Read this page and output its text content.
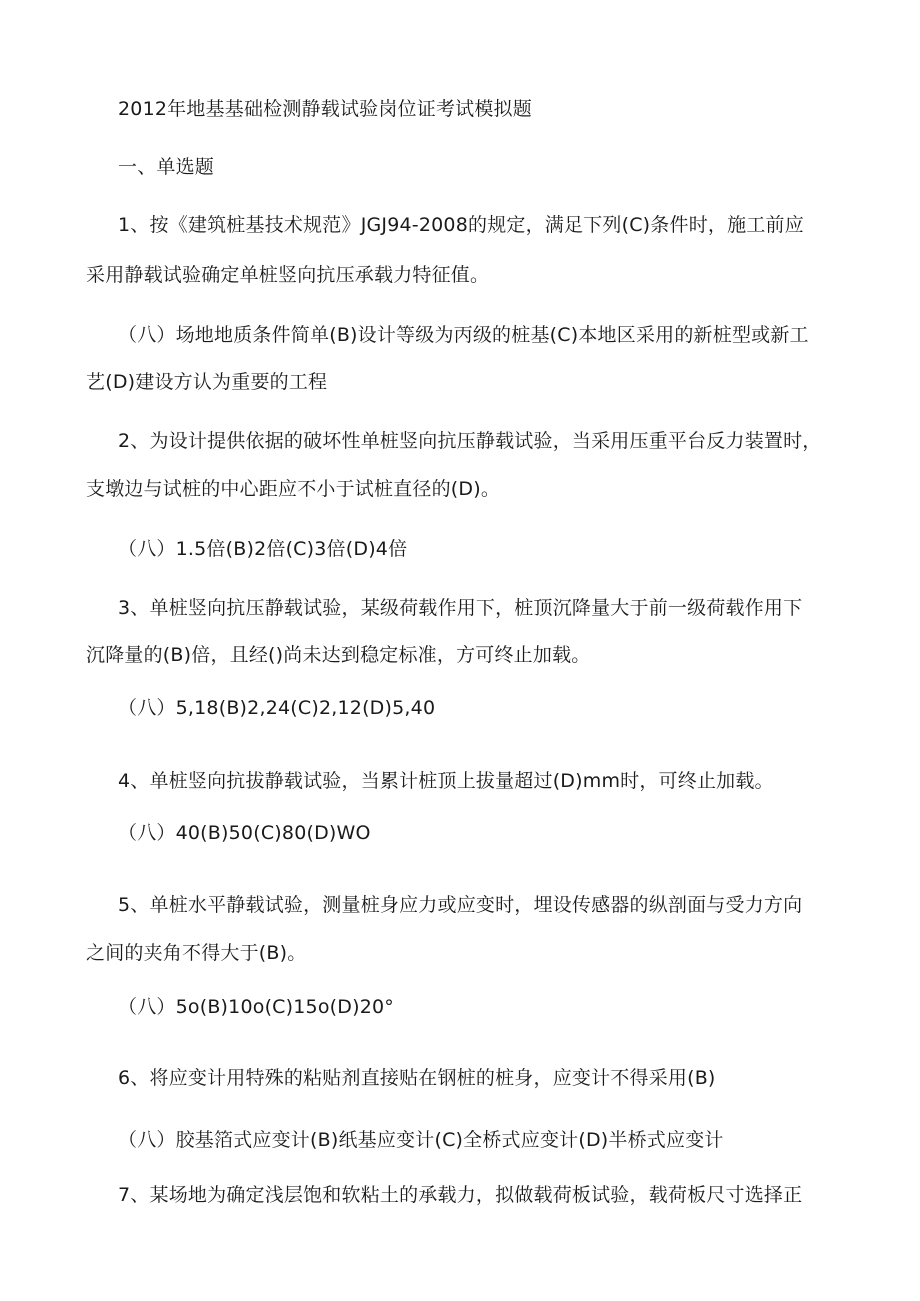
2012年地基基础检测静载试验岗位证考试模拟题
一、单选题
1、按《建筑桩基技术规范》JGJ94-2008的规定，满足下列(C)条件时，施工前应
采用静载试验确定单桩竖向抗压承载力特征值。
（八）场地地质条件简单(B)设计等级为丙级的桩基(C)本地区采用的新桩型或新工
艺(D)建设方认为重要的工程
2、为设计提供依据的破坏性单桩竖向抗压静载试验，当采用压重平台反力装置时，
支墩边与试桩的中心距应不小于试桩直径的(D)。
（八）1.5倍(B)2倍(C)3倍(D)4倍
3、单桩竖向抗压静载试验，某级荷载作用下，桩顶沉降量大于前一级荷载作用下
沉降量的(B)倍，且经()尚未达到稳定标准，方可终止加载。
（八）5,18(B)2,24(C)2,12(D)5,40
4、单桩竖向抗拔静载试验，当累计桩顶上拔量超过(D)mm时，可终止加载。
（八）40(B)50(C)80(D)WO
5、单桩水平静载试验，测量桩身应力或应变时，埋设传感器的纵剖面与受力方向
之间的夹角不得大于(B)。
（八）5o(B)10o(C)15o(D)20°
6、将应变计用特殊的粘贴剂直接贴在钢桩的桩身，应变计不得采用(B)
（八）胶基箔式应变计(B)纸基应变计(C)全桥式应变计(D)半桥式应变计
7、某场地为确定浅层饱和软粘土的承载力，拟做载荷板试验，载荷板尺寸选择正
